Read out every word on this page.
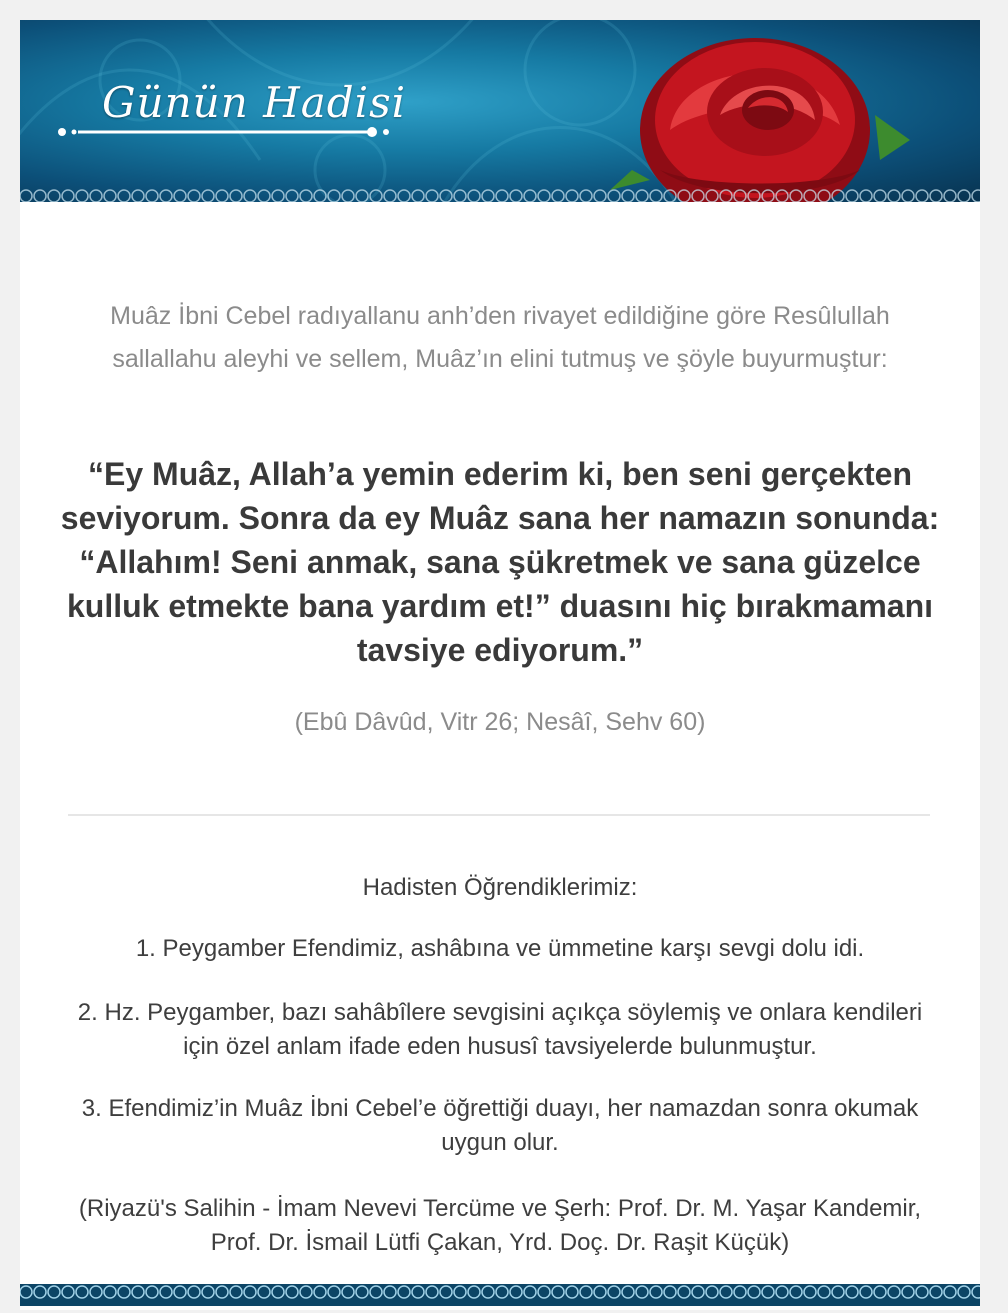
Günün Hadisi

Muâz İbni Cebel radıyallanu anh’den rivayet edildiğine göre Resûlullah sallallahu aleyhi ve sellem, Muâz’ın elini tutmuş ve şöyle buyurmuştur:

“Ey Muâz, Allah’a yemin ederim ki, ben seni gerçekten seviyorum. Sonra da ey Muâz sana her namazın sonunda: “Allahım! Seni anmak, sana şükretmek ve sana güzelce kulluk etmekte bana yardım et!” duasını hiç bırakmamanı tavsiye ediyorum.”

(Ebû Dâvûd, Vitr 26; Nesâî, Sehv 60)

Hadisten Öğrendiklerimiz:

1. Peygamber Efendimiz, ashâbına ve ümmetine karşı sevgi dolu idi.

2. Hz. Peygamber, bazı sahâbîlere sevgisini açıkça söylemiş ve onlara kendileri için özel anlam ifade eden hususî tavsiyelerde bulunmuştur.

3. Efendimiz’in Muâz İbni Cebel’e öğrettiği duayı, her namazdan sonra okumak uygun olur.

(Riyazü's Salihin - İmam Nevevi Tercüme ve Şerh: Prof. Dr. M. Yaşar Kandemir, Prof. Dr. İsmail Lütfi Çakan, Yrd. Doç. Dr. Raşit Küçük)
